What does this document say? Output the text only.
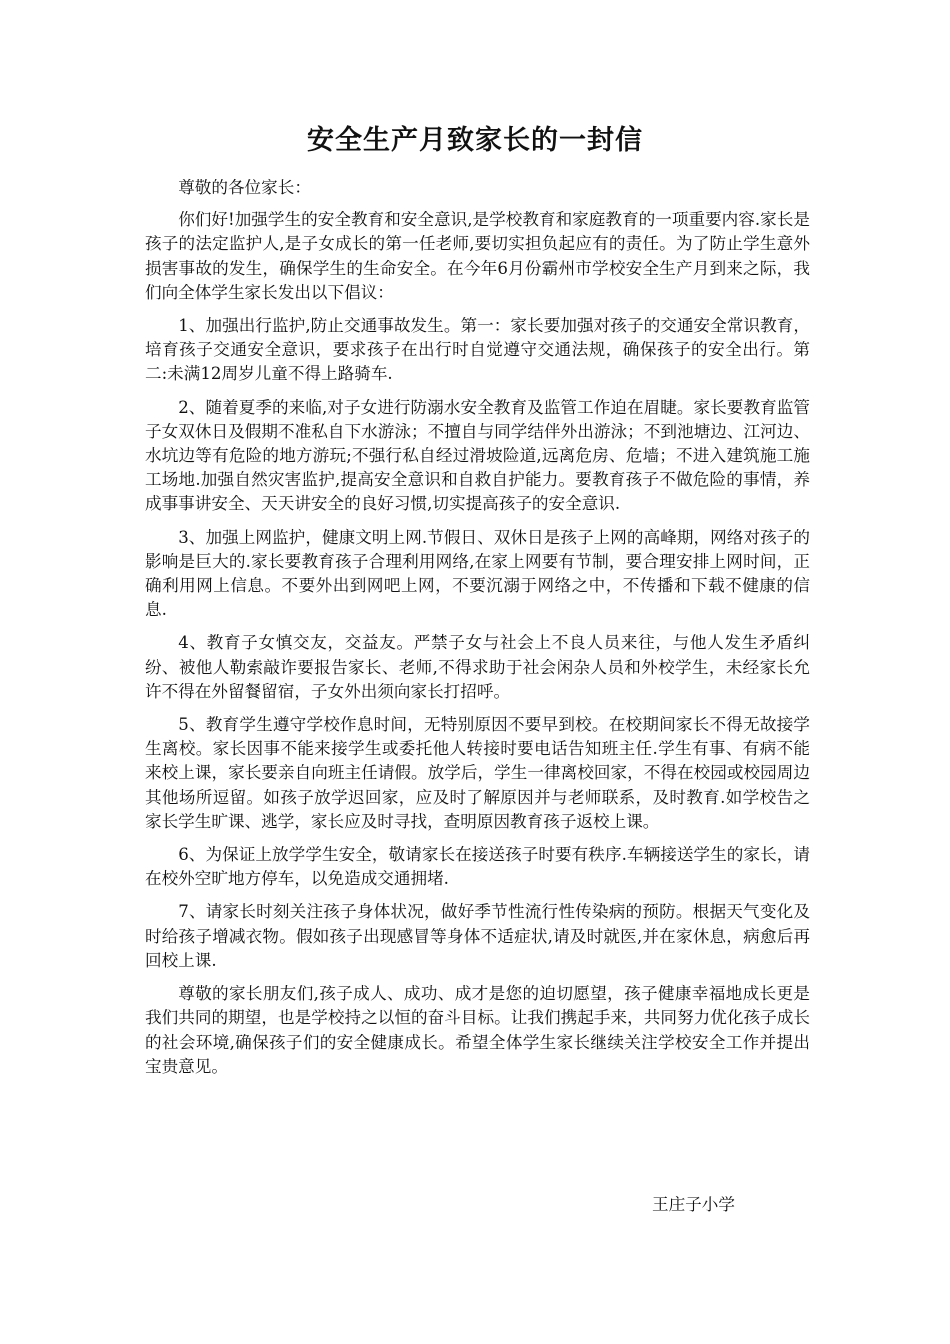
安全生产月致家长的一封信

尊敬的各位家长：

你们好!加强学生的安全教育和安全意识,是学校教育和家庭教育的一项重要内容.家长是孩子的法定监护人,是子女成长的第一任老师,要切实担负起应有的责任。为了防止学生意外损害事故的发生，确保学生的生命安全。在今年6月份霸州市学校安全生产月到来之际，我们向全体学生家长发出以下倡议：

1、加强出行监护,防止交通事故发生。第一：家长要加强对孩子的交通安全常识教育，培育孩子交通安全意识，要求孩子在出行时自觉遵守交通法规，确保孩子的安全出行。第二:未满12周岁儿童不得上路骑车.

2、随着夏季的来临,对子女进行防溺水安全教育及监管工作迫在眉睫。家长要教育监管子女双休日及假期不准私自下水游泳；不擅自与同学结伴外出游泳；不到池塘边、江河边、水坑边等有危险的地方游玩;不强行私自经过滑坡险道,远离危房、危墙；不进入建筑施工施工场地.加强自然灾害监护,提高安全意识和自救自护能力。要教育孩子不做危险的事情，养成事事讲安全、天天讲安全的良好习惯,切实提高孩子的安全意识.

3、加强上网监护，健康文明上网.节假日、双休日是孩子上网的高峰期，网络对孩子的影响是巨大的.家长要教育孩子合理利用网络,在家上网要有节制，要合理安排上网时间，正确利用网上信息。不要外出到网吧上网，不要沉溺于网络之中，不传播和下载不健康的信息.

4、教育子女慎交友，交益友。严禁子女与社会上不良人员来往，与他人发生矛盾纠纷、被他人勒索敲诈要报告家长、老师,不得求助于社会闲杂人员和外校学生，未经家长允许不得在外留餐留宿，子女外出须向家长打招呼。

5、教育学生遵守学校作息时间，无特别原因不要早到校。在校期间家长不得无故接学生离校。家长因事不能来接学生或委托他人转接时要电话告知班主任.学生有事、有病不能来校上课，家长要亲自向班主任请假。放学后，学生一律离校回家，不得在校园或校园周边其他场所逗留。如孩子放学迟回家，应及时了解原因并与老师联系，及时教育.如学校告之家长学生旷课、逃学，家长应及时寻找，查明原因教育孩子返校上课。

6、为保证上放学学生安全，敬请家长在接送孩子时要有秩序.车辆接送学生的家长，请在校外空旷地方停车，以免造成交通拥堵.

7、请家长时刻关注孩子身体状况，做好季节性流行性传染病的预防。根据天气变化及时给孩子增减衣物。假如孩子出现感冒等身体不适症状,请及时就医,并在家休息，病愈后再回校上课.

尊敬的家长朋友们,孩子成人、成功、成才是您的迫切愿望，孩子健康幸福地成长更是我们共同的期望，也是学校持之以恒的奋斗目标。让我们携起手来，共同努力优化孩子成长的社会环境,确保孩子们的安全健康成长。希望全体学生家长继续关注学校安全工作并提出宝贵意见。

王庄子小学
